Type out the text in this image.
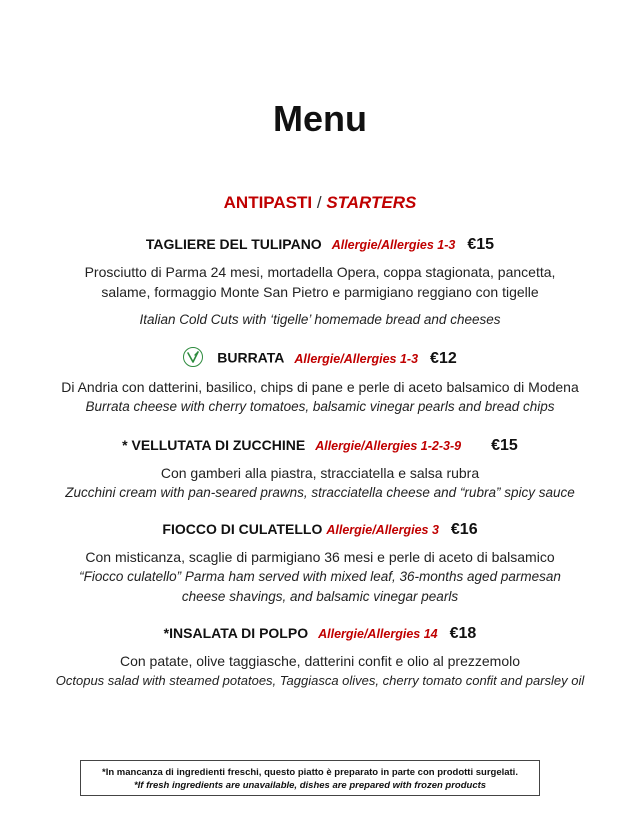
Menu
ANTIPASTI / STARTERS
TAGLIERE DEL TULIPANO Allergie/Allergies 1-3 €15
Prosciutto di Parma 24 mesi, mortadella Opera, coppa stagionata, pancetta,
salame, formaggio Monte San Pietro e parmigiano reggiano con tigelle
Italian Cold Cuts with ‘tigelle’ homemade bread and cheeses
BURRATA Allergie/Allergies 1-3 €12
Di Andria con datterini, basilico, chips di pane e perle di aceto balsamico di Modena
Burrata cheese with cherry tomatoes, balsamic vinegar pearls and bread chips
* VELLUTATA DI ZUCCHINE Allergie/Allergies 1-2-3-9 €15
Con gamberi alla piastra, stracciatella e salsa rubra
Zucchini cream with pan-seared prawns, stracciatella cheese and “rubra” spicy sauce
FIOCCO DI CULATELLO Allergie/Allergies 3 €16
Con misticanza, scaglie di parmigiano 36 mesi e perle di aceto di balsamico
“Fiocco culatello” Parma ham served with mixed leaf, 36-months aged parmesan
cheese shavings, and balsamic vinegar pearls
*INSALATA DI POLPO Allergie/Allergies 14 €18
Con patate, olive taggiasche, datterini confit e olio al prezzemolo
Octopus salad with steamed potatoes, Taggiasca olives, cherry tomato confit and parsley oil
*In mancanza di ingredienti freschi, questo piatto è preparato in parte con prodotti surgelati.
*If fresh ingredients are unavailable, dishes are prepared with frozen products
